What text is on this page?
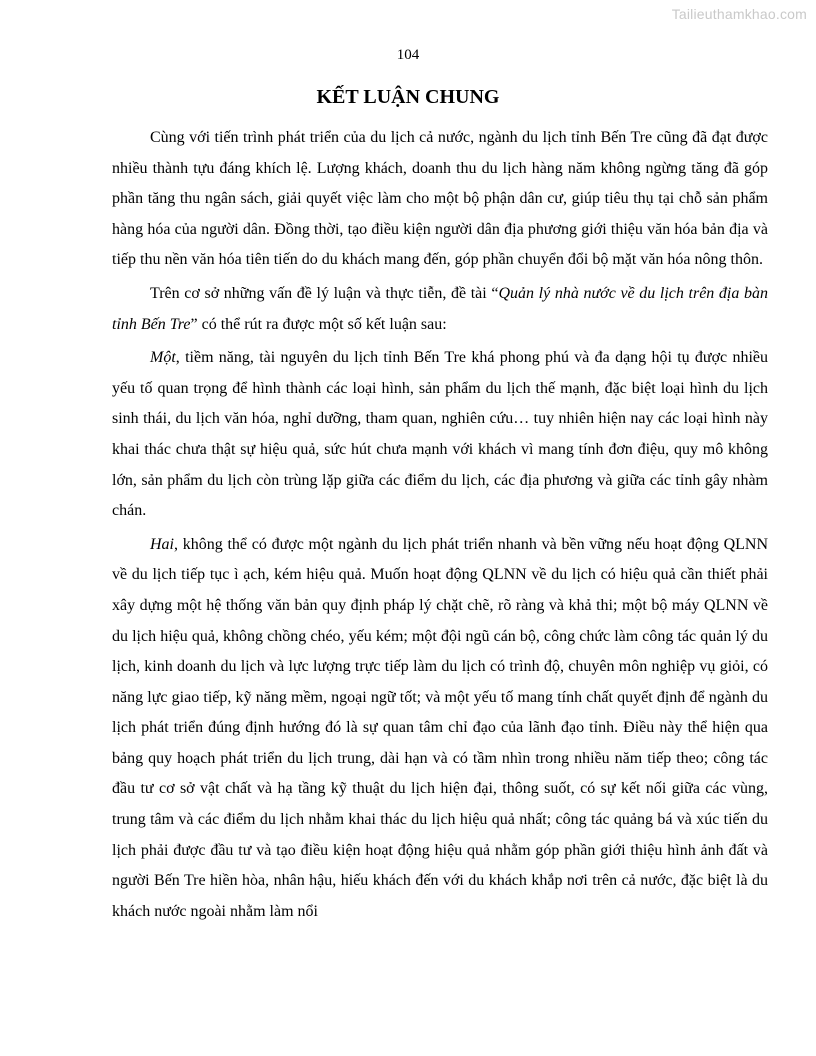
Tailieuthamkhao.com
104
KẾT LUẬN CHUNG

Cùng với tiến trình phát triển của du lịch cả nước, ngành du lịch tỉnh Bến Tre cũng đã đạt được nhiều thành tựu đáng khích lệ. Lượng khách, doanh thu du lịch hàng năm không ngừng tăng đã góp phần tăng thu ngân sách, giải quyết việc làm cho một bộ phận dân cư, giúp tiêu thụ tại chỗ sản phẩm hàng hóa của người dân. Đồng thời, tạo điều kiện người dân địa phương giới thiệu văn hóa bản địa và tiếp thu nền văn hóa tiên tiến do du khách mang đến, góp phần chuyển đổi bộ mặt văn hóa nông thôn.

Trên cơ sở những vấn đề lý luận và thực tiễn, đề tài “Quản lý nhà nước về du lịch trên địa bàn tỉnh Bến Tre” có thể rút ra được một số kết luận sau:

Một, tiềm năng, tài nguyên du lịch tỉnh Bến Tre khá phong phú và đa dạng hội tụ được nhiều yếu tố quan trọng để hình thành các loại hình, sản phẩm du lịch thế mạnh, đặc biệt loại hình du lịch sinh thái, du lịch văn hóa, nghỉ dưỡng, tham quan, nghiên cứu… tuy nhiên hiện nay các loại hình này khai thác chưa thật sự hiệu quả, sức hút chưa mạnh với khách vì mang tính đơn điệu, quy mô không lớn, sản phẩm du lịch còn trùng lặp giữa các điểm du lịch, các địa phương và giữa các tỉnh gây nhàm chán.

Hai, không thể có được một ngành du lịch phát triển nhanh và bền vững nếu hoạt động QLNN về du lịch tiếp tục ì ạch, kém hiệu quả. Muốn hoạt động QLNN về du lịch có hiệu quả cần thiết phải xây dựng một hệ thống văn bản quy định pháp lý chặt chẽ, rõ ràng và khả thi; một bộ máy QLNN về du lịch hiệu quả, không chồng chéo, yếu kém; một đội ngũ cán bộ, công chức làm công tác quản lý du lịch, kinh doanh du lịch và lực lượng trực tiếp làm du lịch có trình độ, chuyên môn nghiệp vụ giỏi, có năng lực giao tiếp, kỹ năng mềm, ngoại ngữ tốt; và một yếu tố mang tính chất quyết định để ngành du lịch phát triển đúng định hướng đó là sự quan tâm chỉ đạo của lãnh đạo tỉnh. Điều này thể hiện qua bảng quy hoạch phát triển du lịch trung, dài hạn và có tầm nhìn trong nhiều năm tiếp theo; công tác đầu tư cơ sở vật chất và hạ tầng kỹ thuật du lịch hiện đại, thông suốt, có sự kết nối giữa các vùng, trung tâm và các điểm du lịch nhằm khai thác du lịch hiệu quả nhất; công tác quảng bá và xúc tiến du lịch phải được đầu tư và tạo điều kiện hoạt động hiệu quả nhằm góp phần giới thiệu hình ảnh đất và người Bến Tre hiền hòa, nhân hậu, hiếu khách đến với du khách khắp nơi trên cả nước, đặc biệt là du khách nước ngoài nhằm làm nổi
